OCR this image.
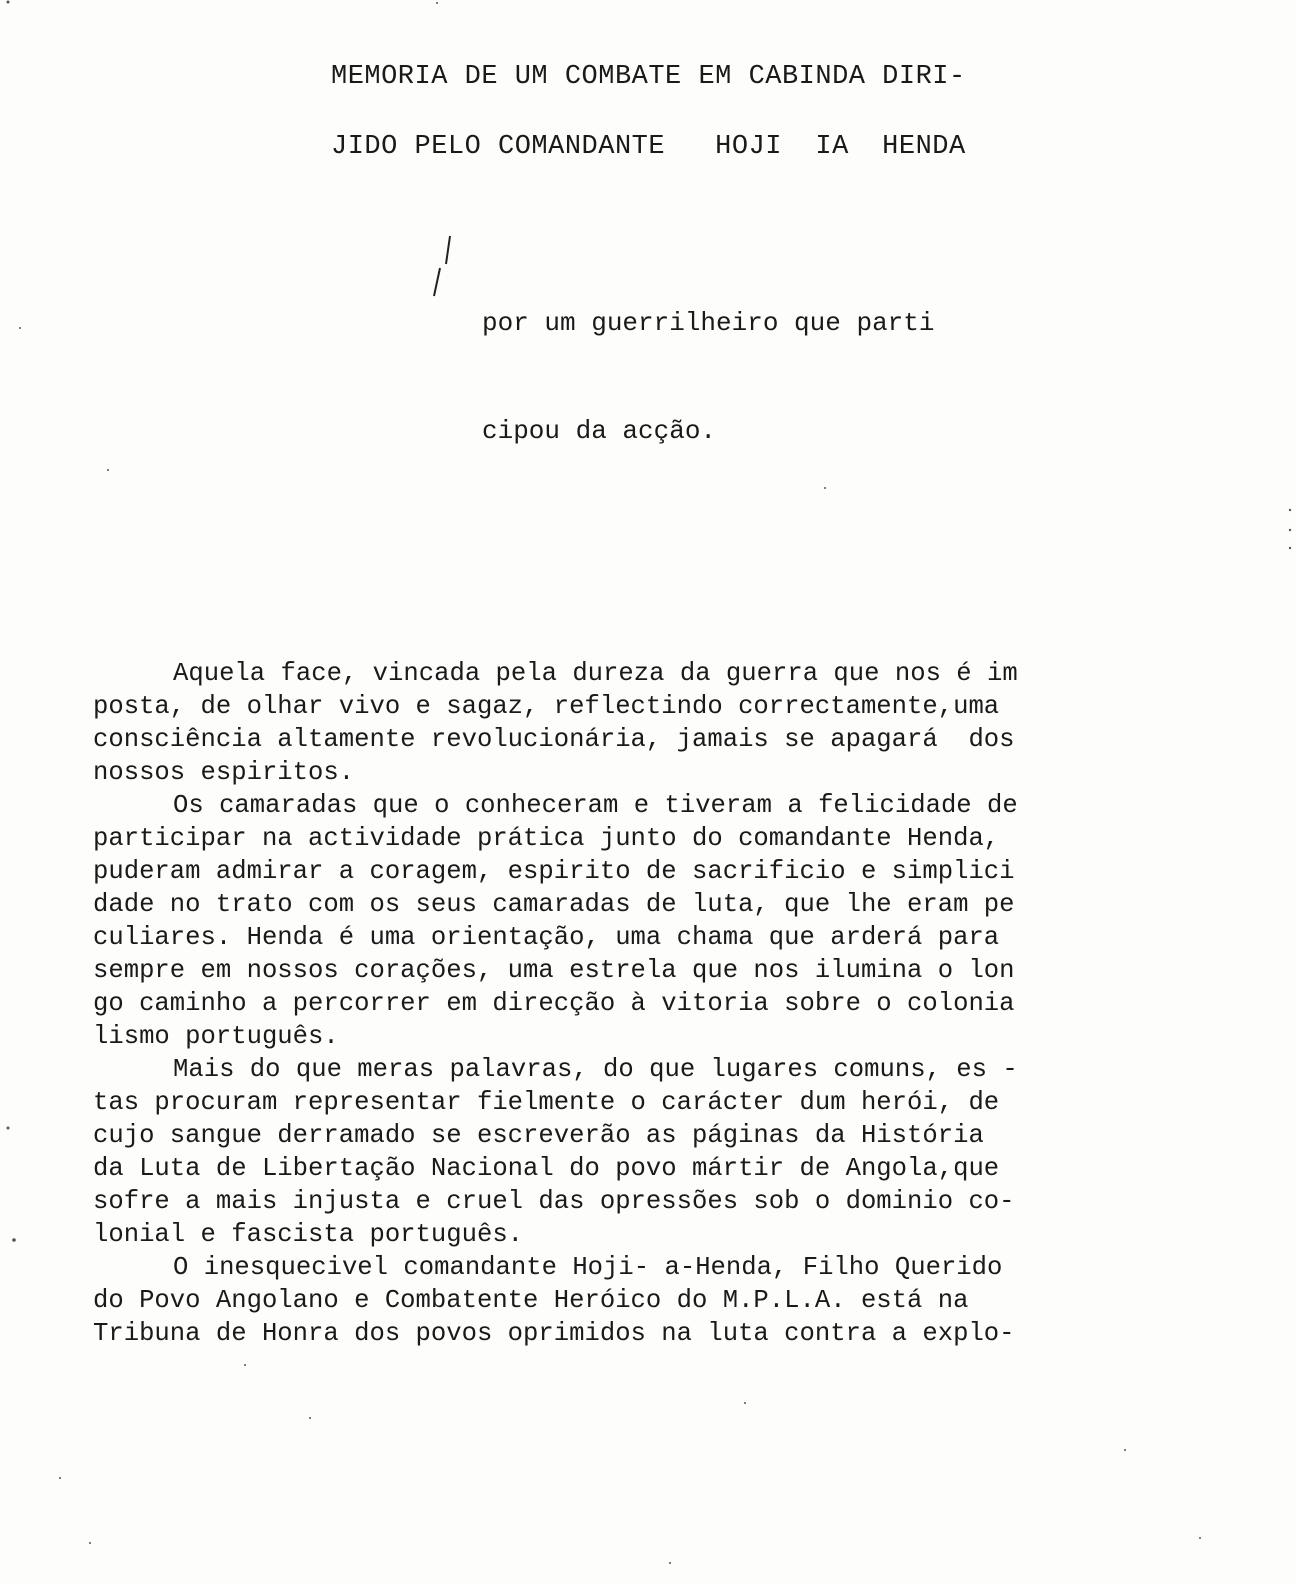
MEMORIA DE UM COMBATE EM CABINDA DIRI-
JIDO PELO COMANDANTE   HOJI  IA  HENDA

por um guerrilheiro que parti

cipou da acção.

Aquela face, vincada pela dureza da guerra que nos é im
posta, de olhar vivo e sagaz, reflectindo correctamente,uma
consciência altamente revolucionária, jamais se apagará  dos
nossos espiritos.
Os camaradas que o conheceram e tiveram a felicidade de
participar na actividade prática junto do comandante Henda,
puderam admirar a coragem, espirito de sacrificio e simplici
dade no trato com os seus camaradas de luta, que lhe eram pe
culiares. Henda é uma orientação, uma chama que arderá para
sempre em nossos corações, uma estrela que nos ilumina o lon
go caminho a percorrer em direcção à vitoria sobre o colonia
lismo português.
Mais do que meras palavras, do que lugares comuns, es -
tas procuram representar fielmente o carácter dum herói, de
cujo sangue derramado se escreverão as páginas da História
da Luta de Libertação Nacional do povo mártir de Angola,que
sofre a mais injusta e cruel das opressões sob o dominio co-
lonial e fascista português.
O inesquecivel comandante Hoji- a-Henda, Filho Querido
do Povo Angolano e Combatente Heróico do M.P.L.A. está na
Tribuna de Honra dos povos oprimidos na luta contra a explo-
